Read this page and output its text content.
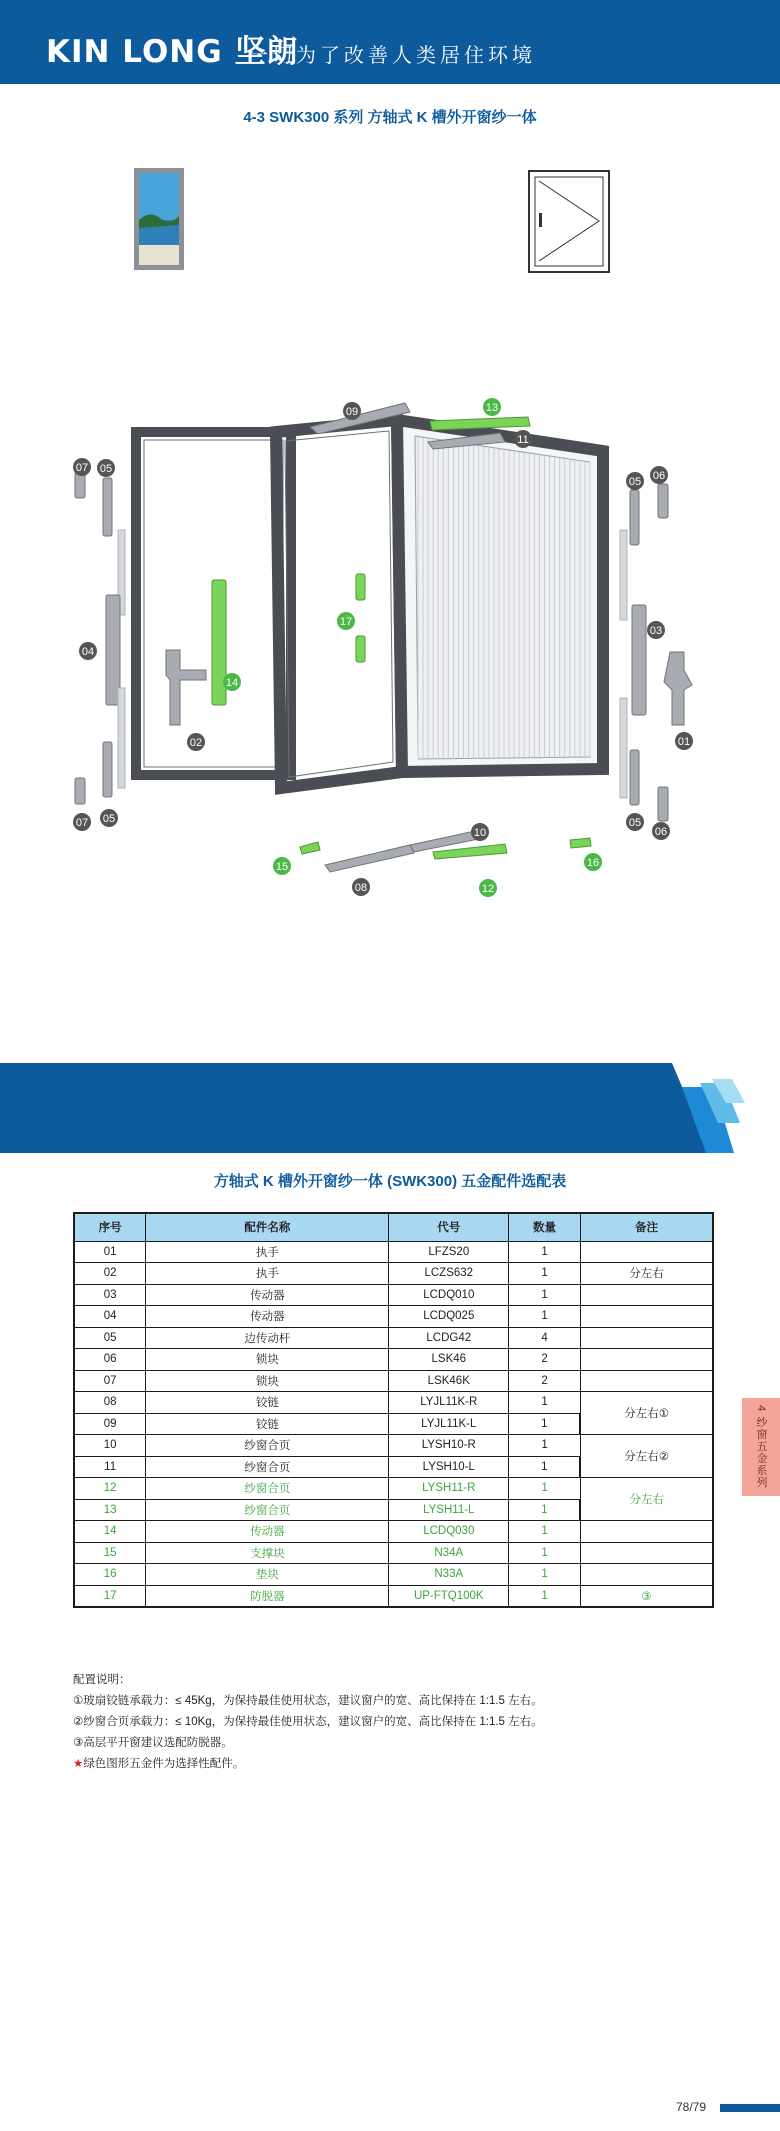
KIN LONG 坚朗
一切为了改善人类居住环境
4-3 SWK300 系列 方轴式 K 槽外开窗纱一体
07 05
04
14
02
07 05
17
09	13
11
05 06
03
01
05
06
10
12
15
08
16
方轴式 K 槽外开窗纱一体 (SWK300) 五金配件选配表
序号	配件名称	代号	数量	备注
01	执手	LFZS20	1	
02	执手	LCZS632	1	分左右
03	传动器	LCDQ010	1	
04	传动器	LCDQ025	1	
05	边传动杆	LCDG42	4	
06	锁块	LSK46	2	
07	锁块	LSK46K	2	
08	铰链	LYJL11K-R	1	分左右①
09	铰链	LYJL11K-L	1	
10	纱窗合页	LYSH10-R	1	分左右②
11	纱窗合页	LYSH10-L	1	
12	纱窗合页	LYSH11-R	1	分左右
13	纱窗合页	LYSH11-L	1	
14	传动器	LCDQ030	1	
15	支撑块	N34A	1	
16	垫块	N33A	1	
17	防脱器	UP-FTQ100K	1	③
4 纱窗五金系列
配置说明：
①玻扇铰链承载力：≤ 45Kg，为保持最佳使用状态，建议窗户的宽、高比保持在 1:1.5 左右。
②纱窗合页承载力：≤ 10Kg，为保持最佳使用状态，建议窗户的宽、高比保持在 1:1.5 左右。
③高层平开窗建议选配防脱器。
★绿色图形五金件为选择性配件。
78/79
